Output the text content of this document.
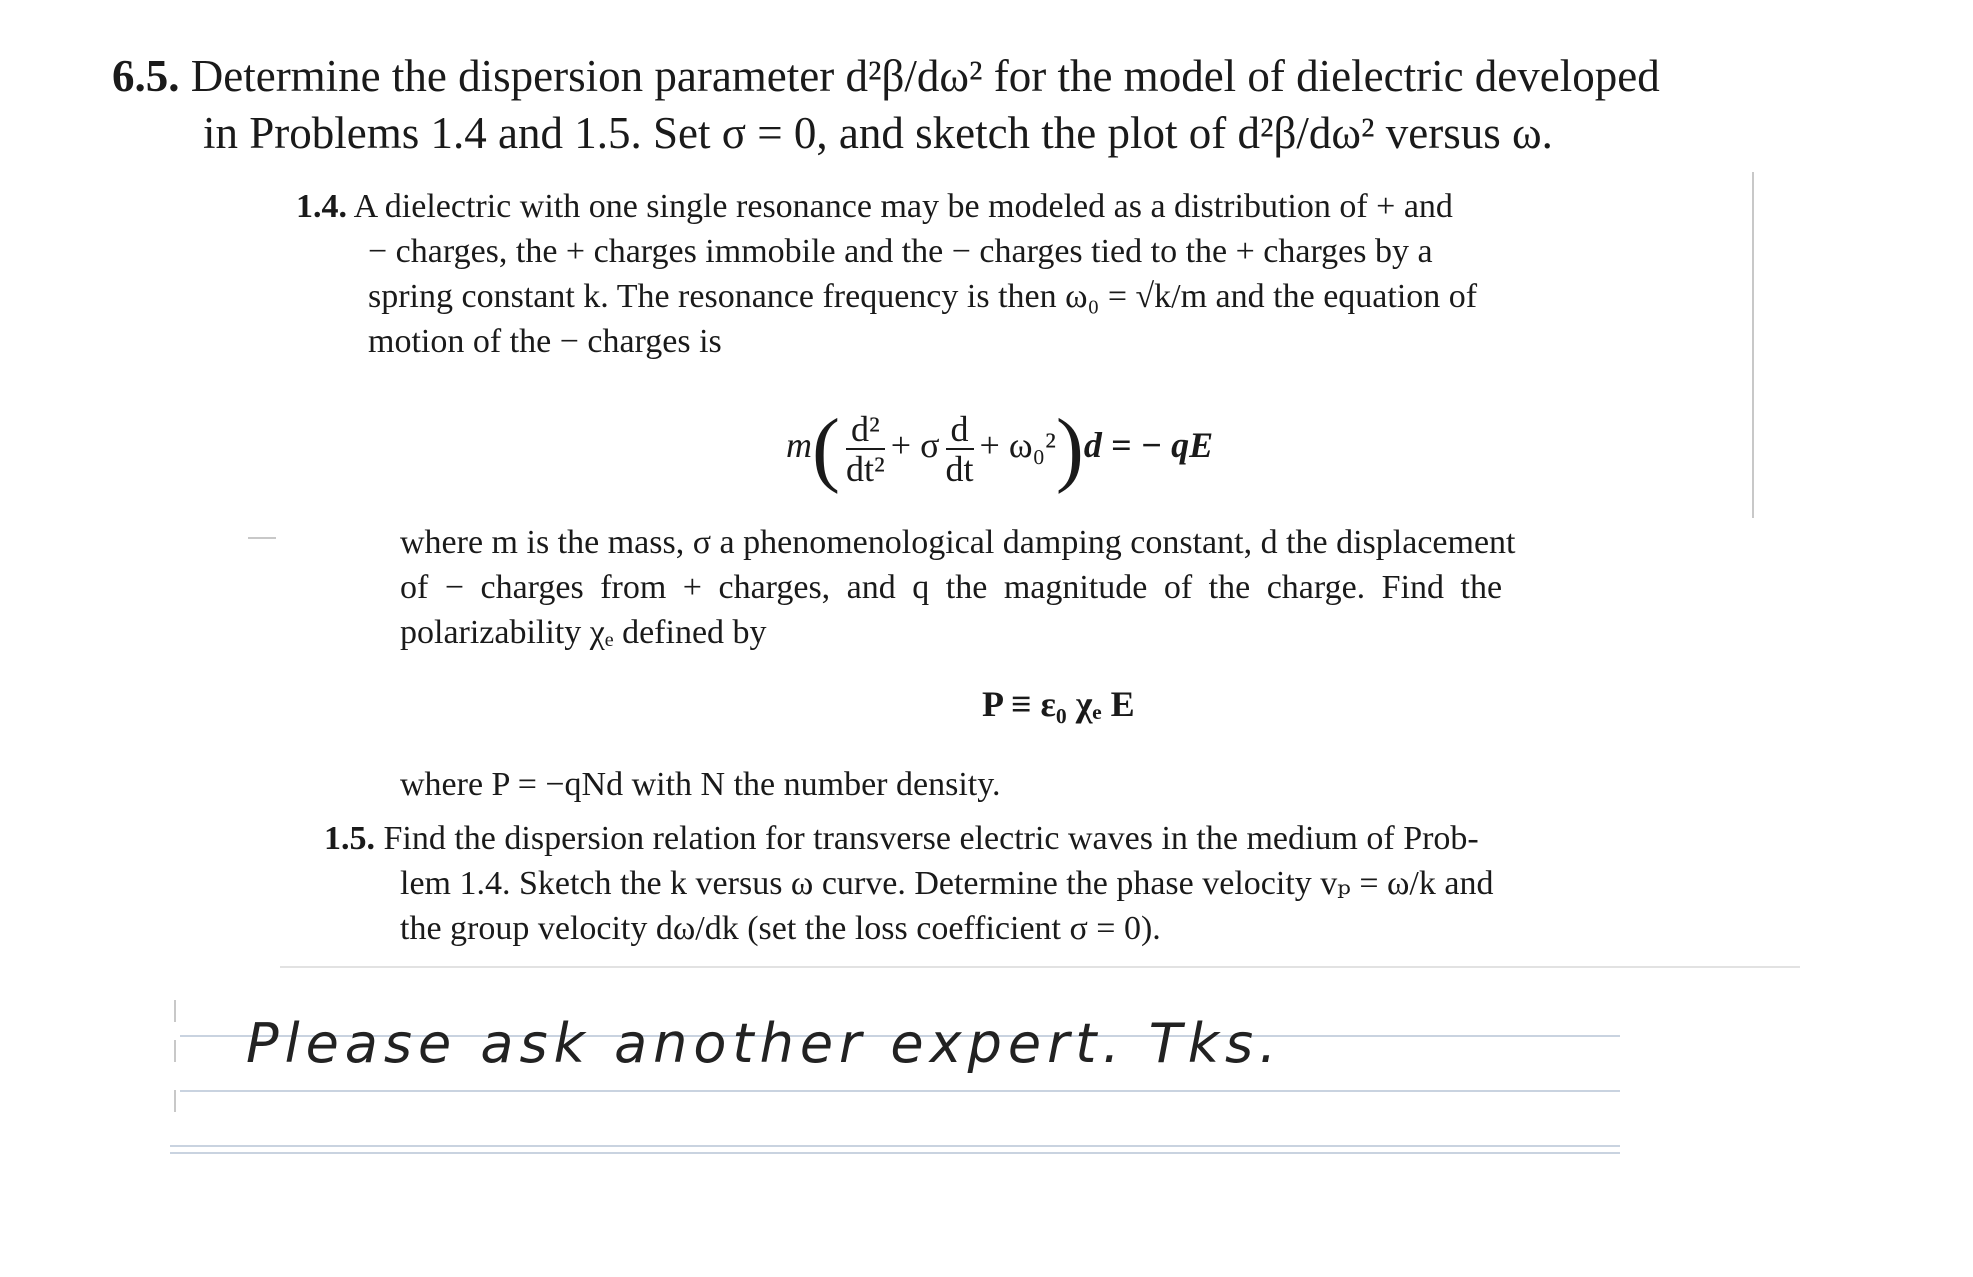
6.5. Determine the dispersion parameter d²β/dω² for the model of dielectric developed
in Problems 1.4 and 1.5. Set σ = 0, and sketch the plot of d²β/dω² versus ω.
1.4. A dielectric with one single resonance may be modeled as a distribution of + and
− charges, the + charges immobile and the − charges tied to the + charges by a
spring constant k. The resonance frequency is then ω₀ = √k/m and the equation of
motion of the − charges is
$m( \frac{\text{d²}}{\text{dt²}} + \sigma \frac{d}{dt} + \omega_0^2)d$ = − qE
where m is the mass, σ a phenomenological damping constant, d the displacement
of − charges from + charges, and q the magnitude of the charge. Find the
polarizability χₑ defined by
P ≡ ε₀ χₑ E
where P = −qNd with N the number density.
1.5. Find the dispersion relation for transverse electric waves in the medium of Prob-
lem 1.4. Sketch the k versus ω curve. Determine the phase velocity vₚ = ω/k and
the group velocity dω/dk (set the loss coefficient σ = 0).
Please ask another expert. Tks.
